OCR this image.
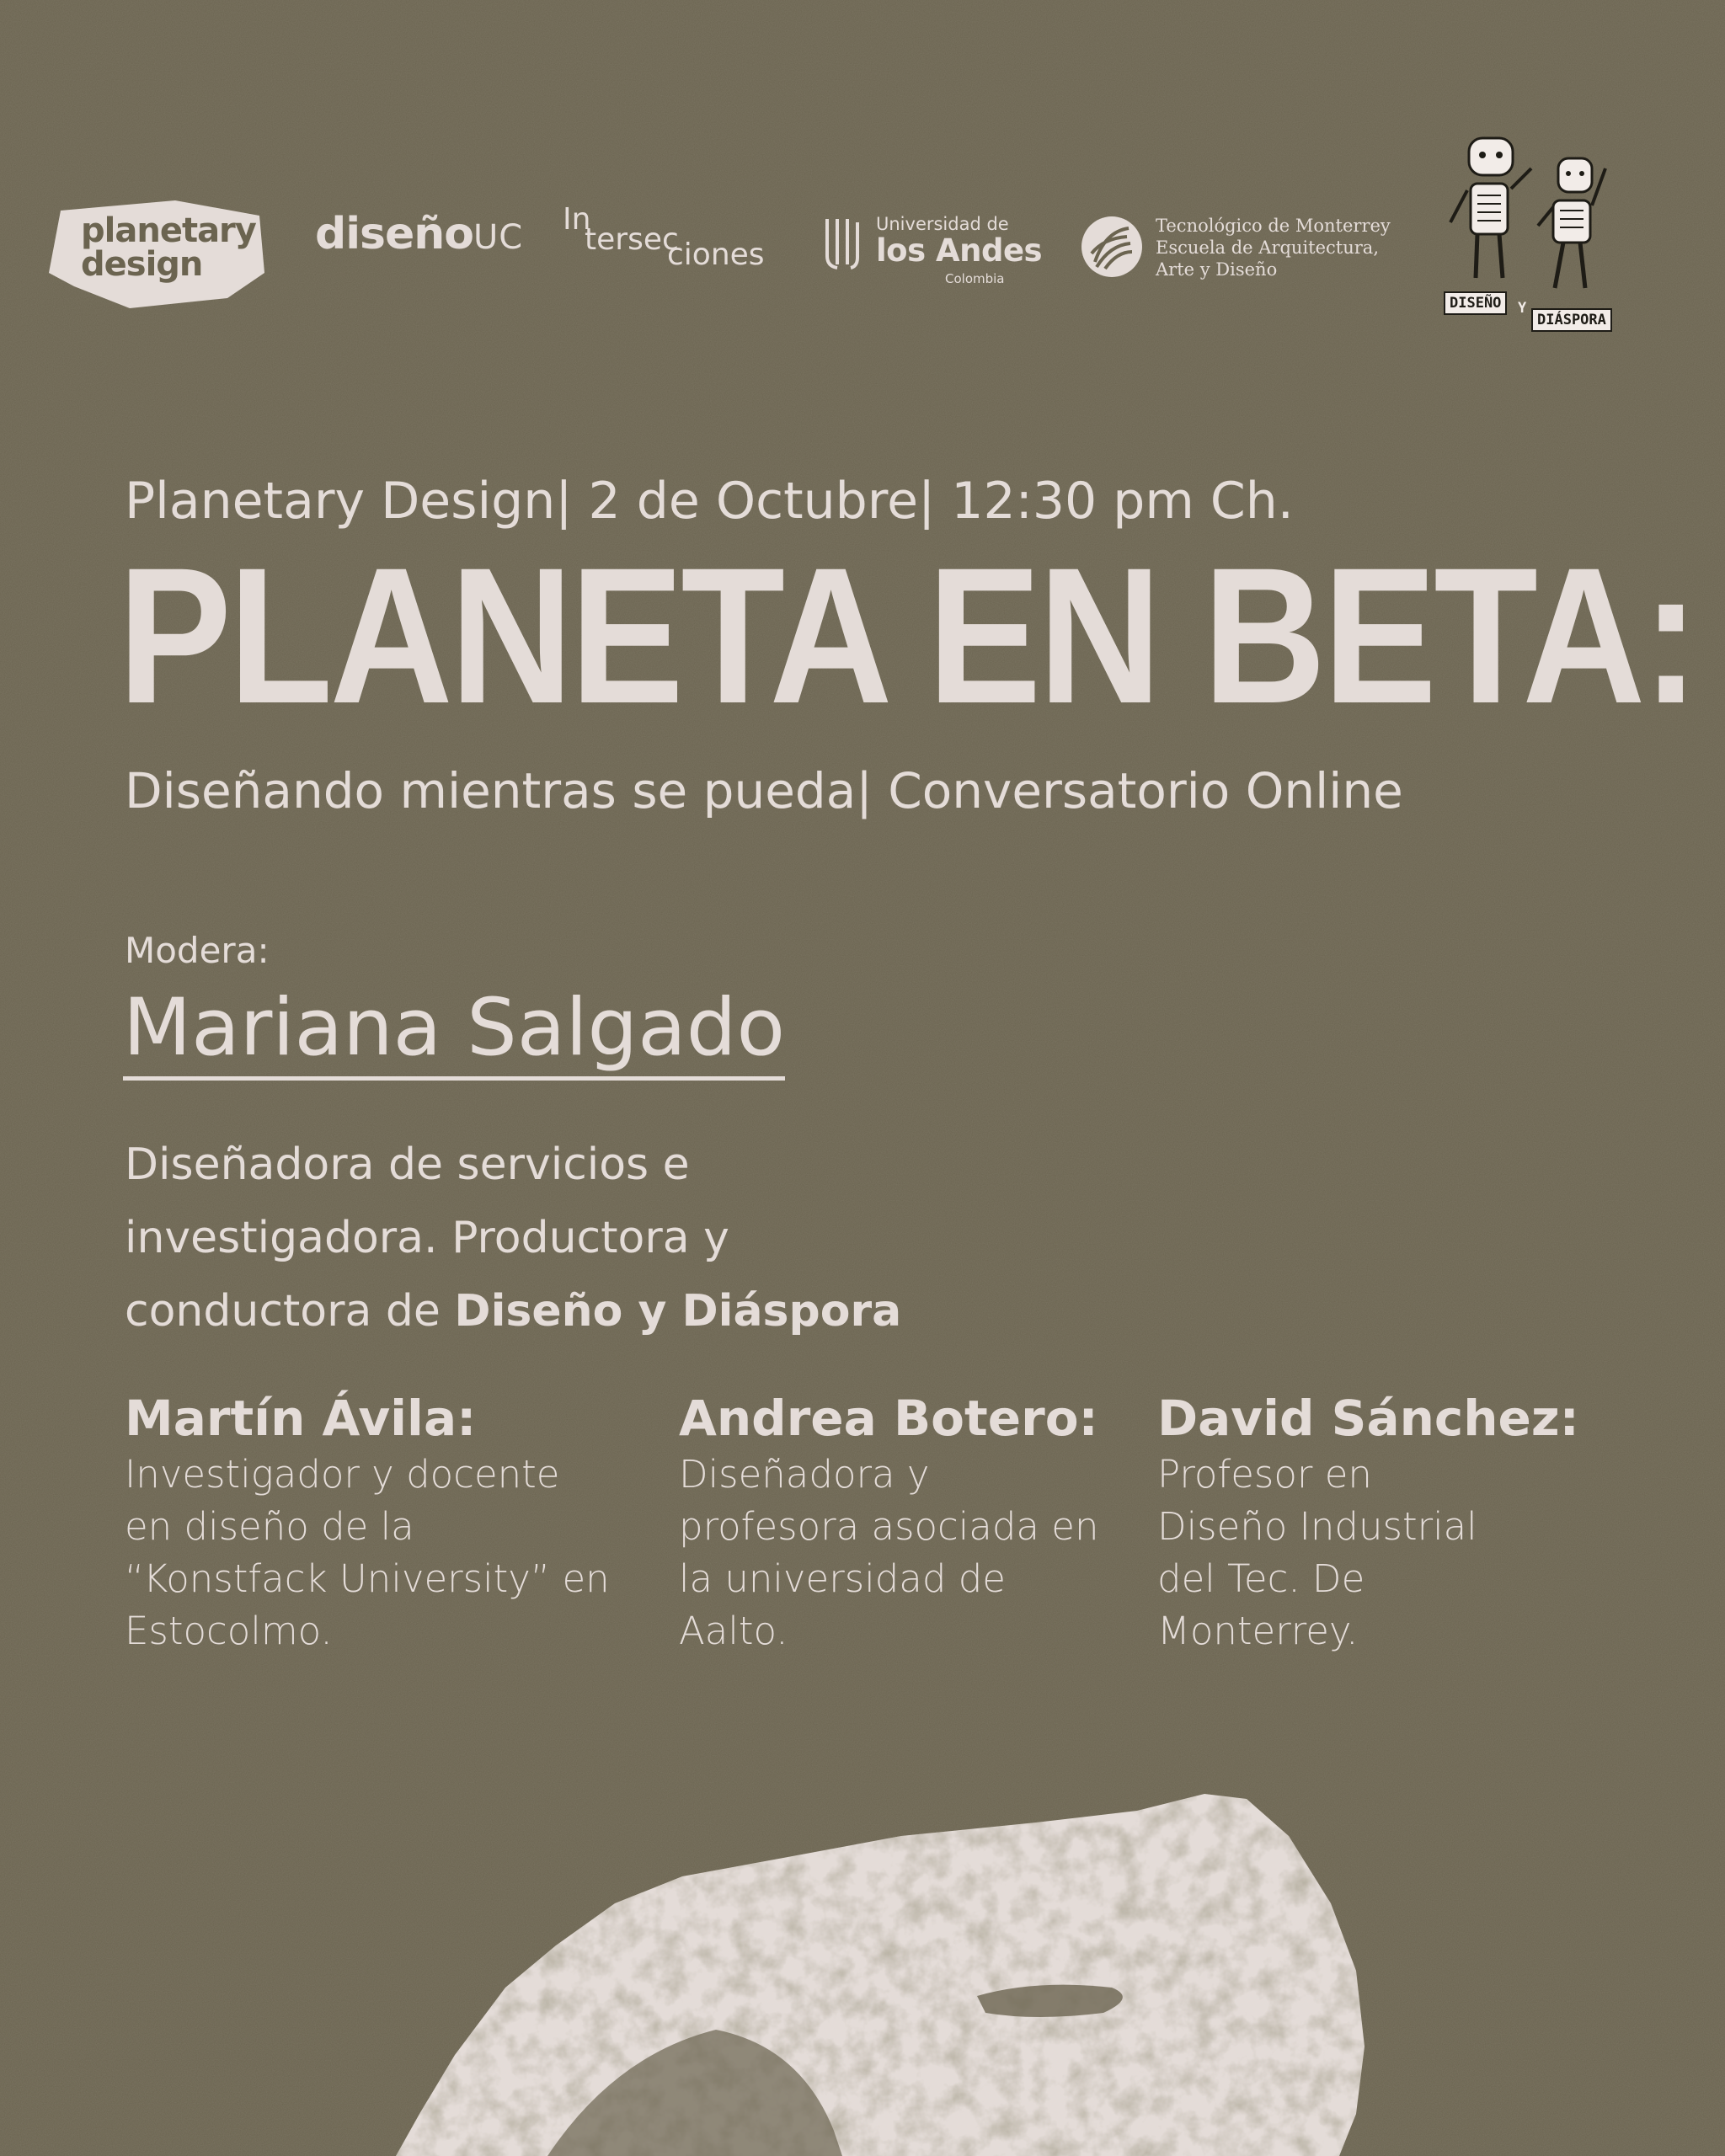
planetary design
diseñoUC In
tersec
ciones
Universidad de
los Andes
Colombia
Tecnológico de Monterrey
Escuela de Arquitectura,
Arte y Diseño
DISEÑO	Y
DIÁSPORA
Planetary Design| 2 de Octubre| 12:30 pm Ch.
PLANETA EN BETA:
Diseñando mientras se pueda| Conversatorio Online
Modera:
Mariana Salgado
Diseñadora de servicios e investigadora. Productora y conductora de Diseño y Diáspora
Martín Ávila:
Investigador y docente en diseño de la “Konstfack University” en Estocolmo.
Andrea Botero:
Diseñadora y profesora asociada en la universidad de Aalto.
David Sánchez:
Profesor en Diseño Industrial del Tec. De Monterrey.
